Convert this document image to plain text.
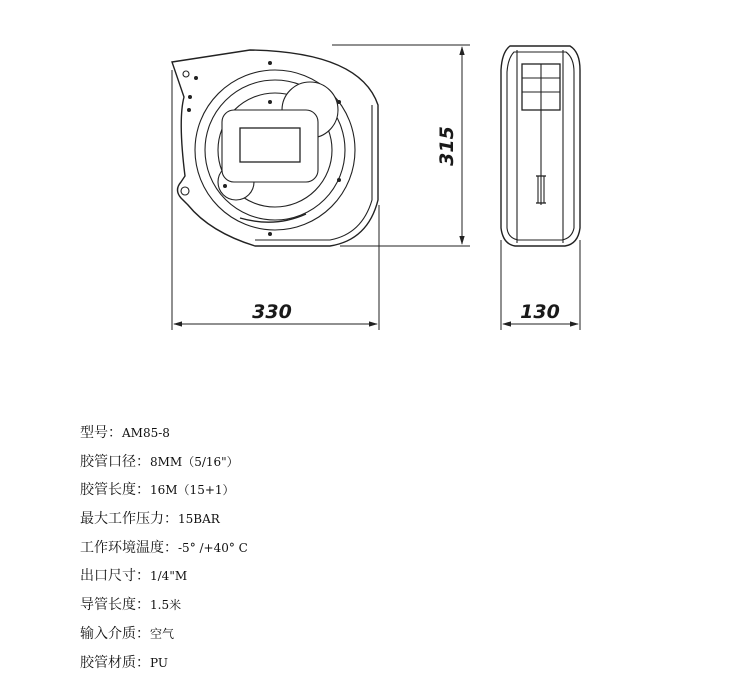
330	130
315
型号：AM85-8
胶管口径：8MM（5/16"）
胶管长度：16M（15+1）
最大工作压力：15BAR
工作环境温度：-5° /+40° C
出口尺寸：1/4"M
导管长度：1.5米
输入介质：空气
胶管材质：PU
